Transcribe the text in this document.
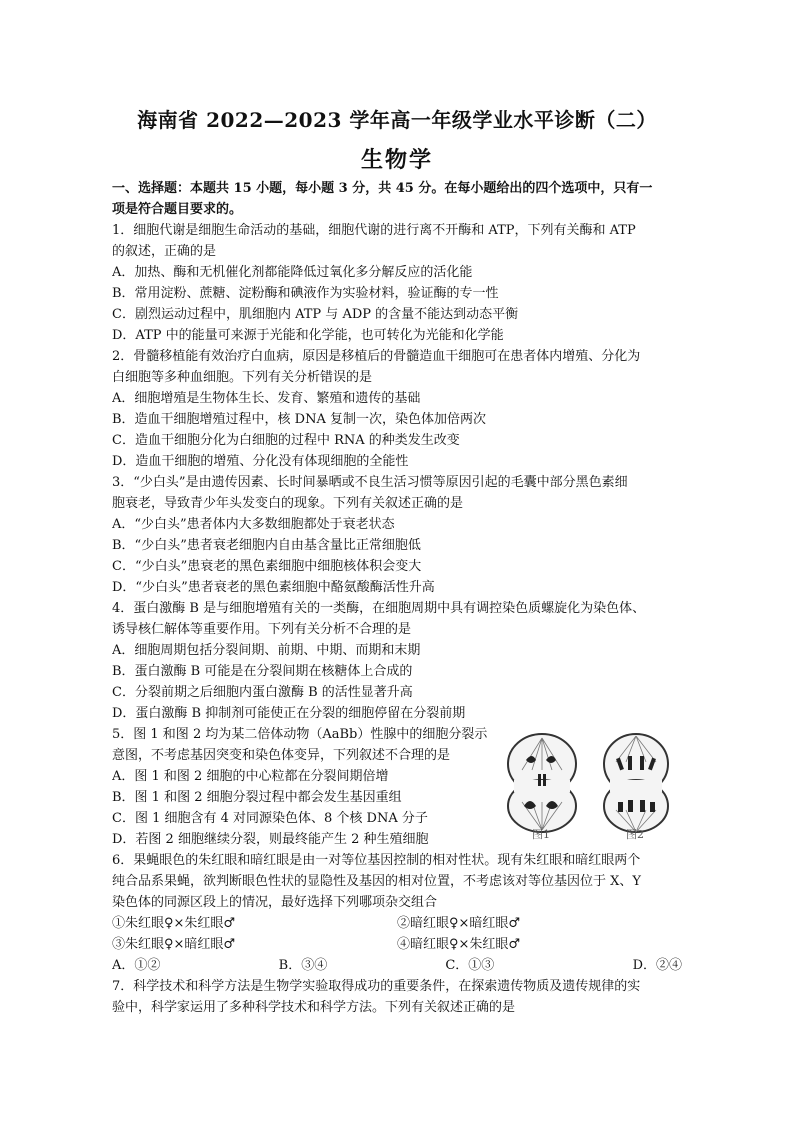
海南省 2022—2023 学年高一年级学业水平诊断（二）
生物学
一、选择题：本题共 15 小题，每小题 3 分，共 45 分。在每小题给出的四个选项中，只有一
项是符合题目要求的。
1．细胞代谢是细胞生命活动的基础，细胞代谢的进行离不开酶和 ATP，下列有关酶和 ATP
的叙述，正确的是
A．加热、酶和无机催化剂都能降低过氧化多分解反应的活化能
B．常用淀粉、蔗糖、淀粉酶和碘液作为实验材料，验证酶的专一性
C．剧烈运动过程中，肌细胞内 ATP 与 ADP 的含量不能达到动态平衡
D．ATP 中的能量可来源于光能和化学能，也可转化为光能和化学能
2．骨髓移植能有效治疗白血病，原因是移植后的骨髓造血干细胞可在患者体内增殖、分化为
白细胞等多种血细胞。下列有关分析错误的是
A．细胞增殖是生物体生长、发育、繁殖和遗传的基础
B．造血干细胞增殖过程中，核 DNA 复制一次，染色体加倍两次
C．造血干细胞分化为白细胞的过程中 RNA 的种类发生改变
D．造血干细胞的增殖、分化没有体现细胞的全能性
3．“少白头”是由遗传因素、长时间暴晒或不良生活习惯等原因引起的毛囊中部分黑色素细
胞衰老，导致青少年头发变白的现象。下列有关叙述正确的是
A．“少白头”患者体内大多数细胞都处于衰老状态
B．“少白头”患者衰老细胞内自由基含量比正常细胞低
C．“少白头”患衰老的黑色素细胞中细胞核体积会变大
D．“少白头”患者衰老的黑色素细胞中酪氨酸酶活性升高
4．蛋白激酶 B 是与细胞增殖有关的一类酶，在细胞周期中具有调控染色质螺旋化为染色体、
诱导核仁解体等重要作用。下列有关分析不合理的是
A．细胞周期包括分裂间期、前期、中期、而期和末期
B．蛋白激酶 B 可能是在分裂间期在核糖体上合成的
C．分裂前期之后细胞内蛋白激酶 B 的活性显著升高
D．蛋白激酶 B 抑制剂可能使正在分裂的细胞停留在分裂前期
5．图 1 和图 2 均为某二倍体动物（AaBb）性腺中的细胞分裂示
意图，不考虑基因突变和染色体变异，下列叙述不合理的是
A．图 1 和图 2 细胞的中心粒都在分裂间期倍增
B．图 1 和图 2 细胞分裂过程中都会发生基因重组
C．图 1 细胞含有 4 对同源染色体、8 个核 DNA 分子
D．若图 2 细胞继续分裂，则最终能产生 2 种生殖细胞
6．果蝇眼色的朱红眼和暗红眼是由一对等位基因控制的相对性状。现有朱红眼和暗红眼两个
纯合品系果蝇，欲判断眼色性状的显隐性及基因的相对位置，不考虑该对等位基因位于 X、Y
染色体的同源区段上的情况，最好选择下列哪项杂交组合
①朱红眼♀×朱红眼♂	②暗红眼♀×暗红眼♂
③朱红眼♀×暗红眼♂	④暗红眼♀×朱红眼♂
A．①②	B．③④	C．①③	D．②④
7．科学技术和科学方法是生物学实验取得成功的重要条件，在探索遗传物质及遗传规律的实
验中，科学家运用了多种科学技术和科学方法。下列有关叙述正确的是
图1	图2
